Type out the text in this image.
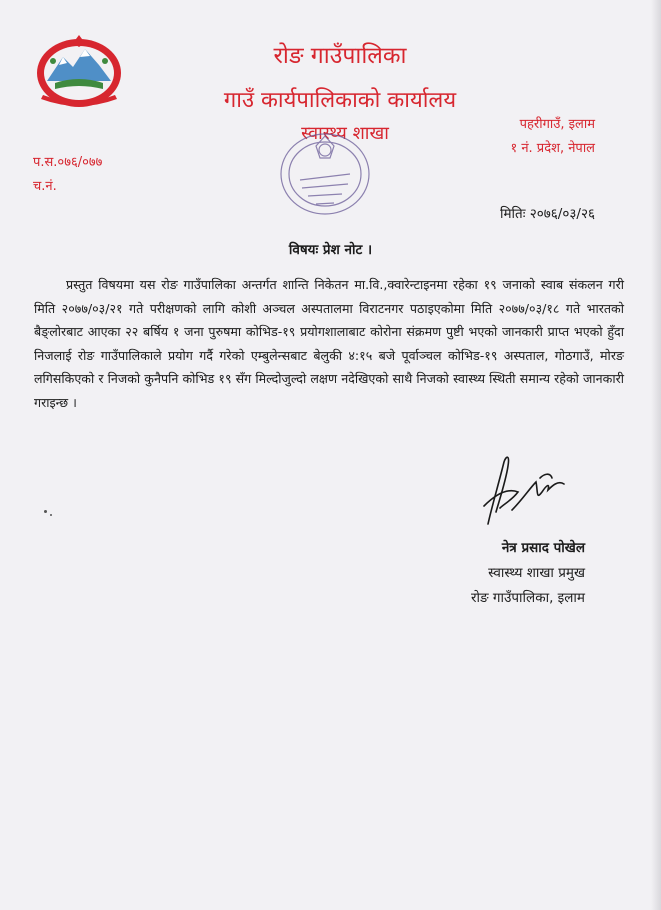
रोङ गाउँपालिका
गाउँ कार्यपालिकाको कार्यालय
स्वास्थ्य शाखा	पहरीगाउँ, इलाम
१ नं. प्रदेश, नेपाल
प.स.०७६/०७७
च.नं.
मितिः २०७६/०३/२६
विषयः प्रेश नोट ।
प्रस्तुत विषयमा यस रोङ गाउँपालिका अन्तर्गत शान्ति निकेतन मा.वि.,क्वारेन्टाइनमा रहेका १९ जनाको स्वाब संकलन गरी मिति २०७७/०३/२१ गते परीक्षणको लागि कोशी अञ्चल अस्पतालमा विराटनगर पठाइएकोमा मिति २०७७/०३/१८ गते भारतको बैङ्लोरबाट आएका २२ बर्षिय १ जना पुरुषमा कोभिड-१९ प्रयोगशालाबाट कोरोना संक्रमण पुष्टी भएको जानकारी प्राप्त भएको हुँदा निजलाई रोङ गाउँपालिकाले प्रयोग गर्दै गरेको एम्बुलेन्सबाट बेलुकी ४:१५ बजे पूर्वाञ्चल कोभिड-१९ अस्पताल, गोठगाउँ, मोरङ लगिसकिएको र निजको कुनैपनि कोभिड १९ सँग मिल्दोजुल्दो लक्षण नदेखिएको साथै निजको स्वास्थ्य स्थिती समान्य रहेको जानकारी गराइन्छ ।
नेत्र प्रसाद पोखेल
स्वास्थ्य शाखा प्रमुख
रोङ गाउँपालिका, इलाम
